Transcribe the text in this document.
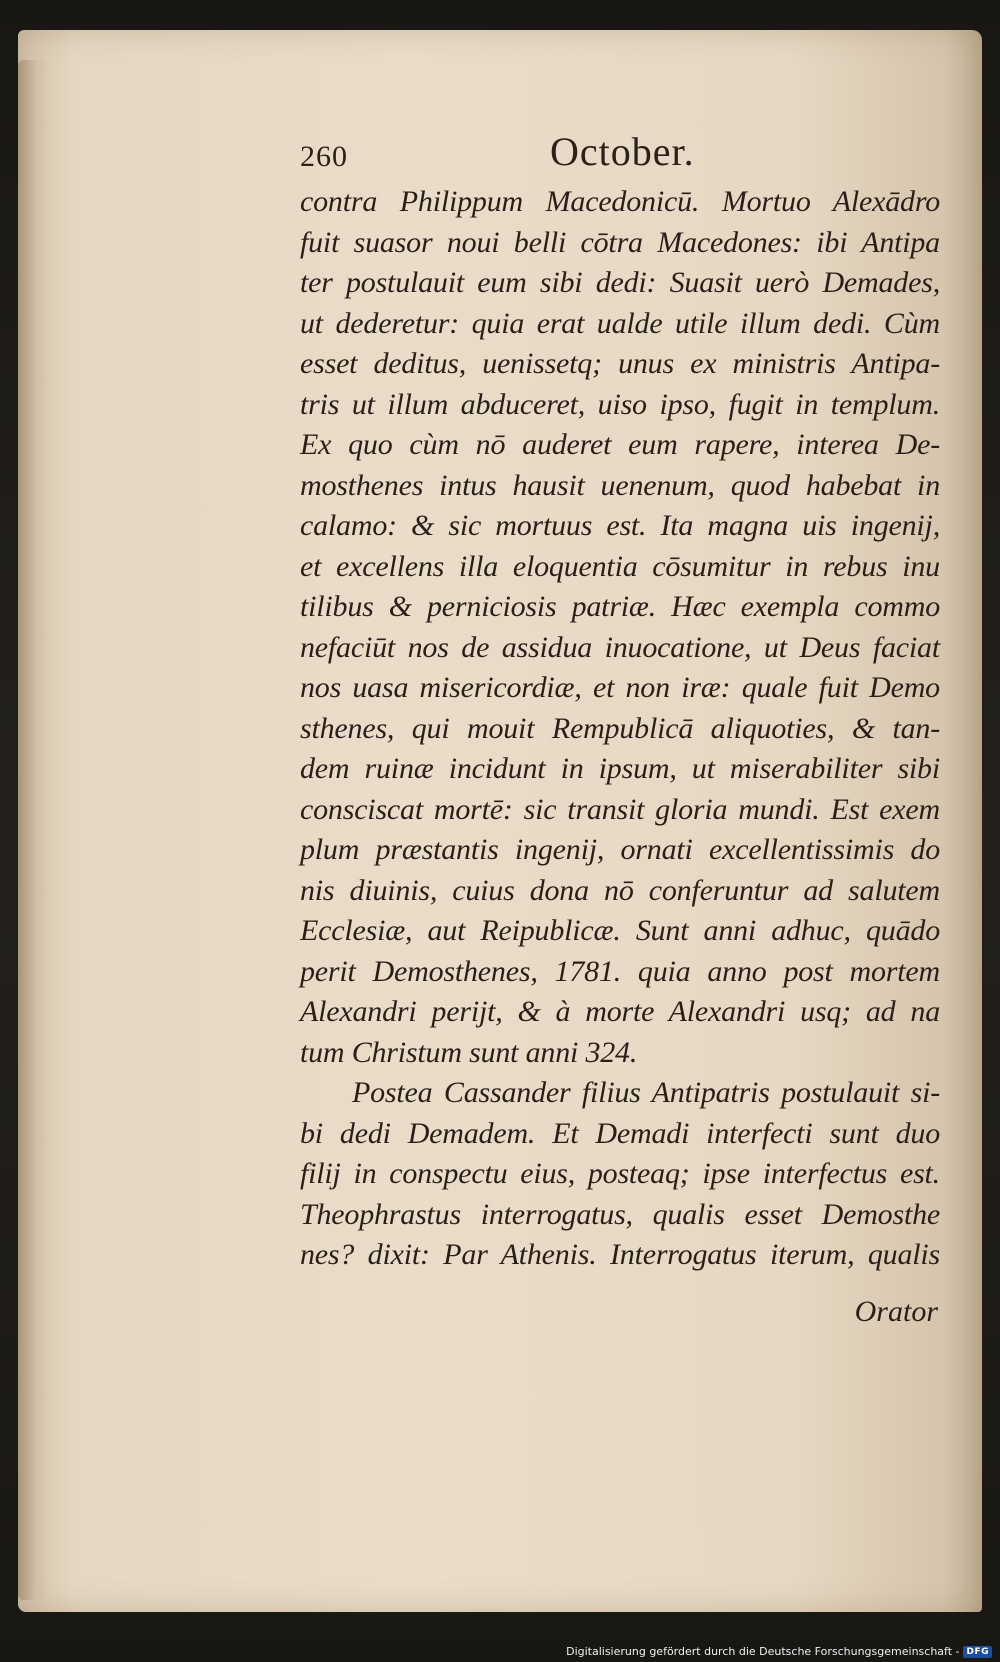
260	October.
contra Philippum Macedonicū. Mortuo Alexādro
fuit suasor noui belli cōtra Macedones: ibi Antipa
ter postulauit eum sibi dedi: Suasit uerò Demades,
ut dederetur: quia erat ualde utile illum dedi. Cùm
esset deditus, uenissetq; unus ex ministris Antipa-
tris ut illum abduceret, uiso ipso, fugit in templum.
Ex quo cùm nō auderet eum rapere, interea De-
mosthenes intus hausit uenenum, quod habebat in
calamo: & sic mortuus est. Ita magna uis ingenij,
et excellens illa eloquentia cōsumitur in rebus inu
tilibus & perniciosis patriæ. Hæc exempla commo
nefaciūt nos de assidua inuocatione, ut Deus faciat
nos uasa misericordiæ, et non iræ: quale fuit Demo
sthenes, qui mouit Rempublicā aliquoties, & tan-
dem ruinæ incidunt in ipsum, ut miserabiliter sibi
consciscat mortē: sic transit gloria mundi. Est exem
plum præstantis ingenij, ornati excellentissimis do
nis diuinis, cuius dona nō conferuntur ad salutem
Ecclesiæ, aut Reipublicæ. Sunt anni adhuc, quādo
perit Demosthenes, 1781. quia anno post mortem
Alexandri perijt, & à morte Alexandri usq; ad na
tum Christum sunt anni 324.
Postea Cassander filius Antipatris postulauit si-
bi dedi Demadem. Et Demadi interfecti sunt duo
filij in conspectu eius, posteaq; ipse interfectus est.
Theophrastus interrogatus, qualis esset Demosthe
nes? dixit: Par Athenis. Interrogatus iterum, qualis
Orator
Digitalisierung gefördert durch die Deutsche Forschungsgemeinschaft - DFG
